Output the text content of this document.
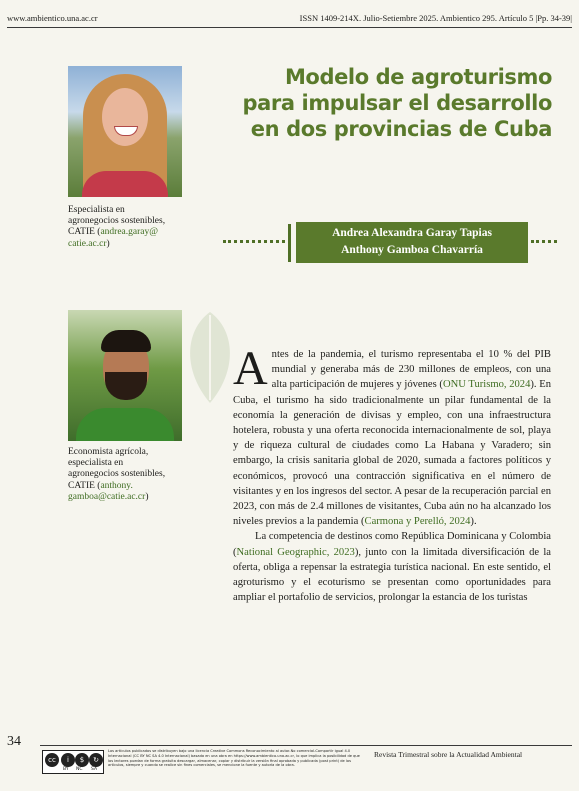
www.ambientico.una.ac.cr	ISSN 1409-214X. Julio-Setiembre 2025. Ambientico 295. Artículo 5 |Pp. 34-39|
Modelo de agroturismo
para impulsar el desarrollo
en dos provincias de Cuba
Especialista en
agronegocios sostenibles,
CATIE (andrea.garay@
catie.ac.cr)
Andrea Alexandra Garay Tapias
Anthony Gamboa Chavarría
Economista agrícola,
especialista en
agronegocios sostenibles,
CATIE (anthony.
gamboa@catie.ac.cr)

Antes de la pandemia, el turismo representaba el 10 % del PIB mundial y generaba más de 230 millones de empleos, con una alta participación de mujeres y jóvenes (ONU Turismo, 2024). En Cuba, el turismo ha sido tradicionalmente un pilar fundamental de la economía la generación de divisas y empleo, con una infraestructura hotelera, robusta y una oferta reconocida internacionalmente de sol, playa y de riqueza cultural de ciudades como La Habana y Varadero; sin embargo, la crisis sanitaria global de 2020, sumada a factores políticos y económicos, provocó una contracción significativa en el número de visitantes y en los ingresos del sector. A pesar de la recuperación parcial en 2023, con más de 2.4 millones de visitantes, Cuba aún no ha alcanzado los niveles previos a la pandemia (Carmona y Perelló, 2024).

La competencia de destinos como República Dominicana y Colombia (National Geographic, 2023), junto con la limitada diversificación de la oferta, obliga a repensar la estrategia turística nacional. En este sentido, el agroturismo y el ecoturismo se presentan como oportunidades para ampliar el portafolio de servicios, prolongar la estancia de los turistas

34
cc	i	$	↻
BY NC SA
Los artículos publicados se distribuyen bajo una licencia Creative Commons Reconocimiento al autor-No comercial-Compartir igual 4.0 Internacional (CC BY NC SA 4.0 Internacional) basada en una obra en https://www.ambientico.una.ac.cr, lo que implica la posibilidad de que los lectores puedan de forma gratuita descargar, almacenar, copiar y distribuir la versión final aprobada y publicada (post print) de los artículos, siempre y cuando se realice sin fines comerciales, se mencione la fuente y autoría de la obra.
Revista Trimestral sobre la Actualidad Ambiental
